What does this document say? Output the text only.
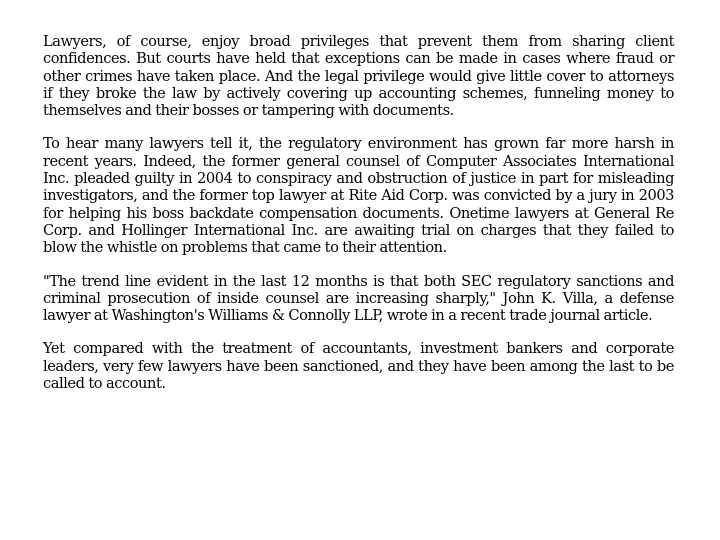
Lawyers, of course, enjoy broad privileges that prevent them from sharing client confidences. But courts have held that exceptions can be made in cases where fraud or other crimes have taken place. And the legal privilege would give little cover to attorneys if they broke the law by actively covering up accounting schemes, funneling money to themselves and their bosses or tampering with documents.

To hear many lawyers tell it, the regulatory environment has grown far more harsh in recent years. Indeed, the former general counsel of Computer Associates International Inc. pleaded guilty in 2004 to conspiracy and obstruction of justice in part for misleading investigators, and the former top lawyer at Rite Aid Corp. was convicted by a jury in 2003 for helping his boss backdate compensation documents. Onetime lawyers at General Re Corp. and Hollinger International Inc. are awaiting trial on charges that they failed to blow the whistle on problems that came to their attention.

"The trend line evident in the last 12 months is that both SEC regulatory sanctions and criminal prosecution of inside counsel are increasing sharply," John K. Villa, a defense lawyer at Washington's Williams & Connolly LLP, wrote in a recent trade journal article.

Yet compared with the treatment of accountants, investment bankers and corporate leaders, very few lawyers have been sanctioned, and they have been among the last to be called to account.
